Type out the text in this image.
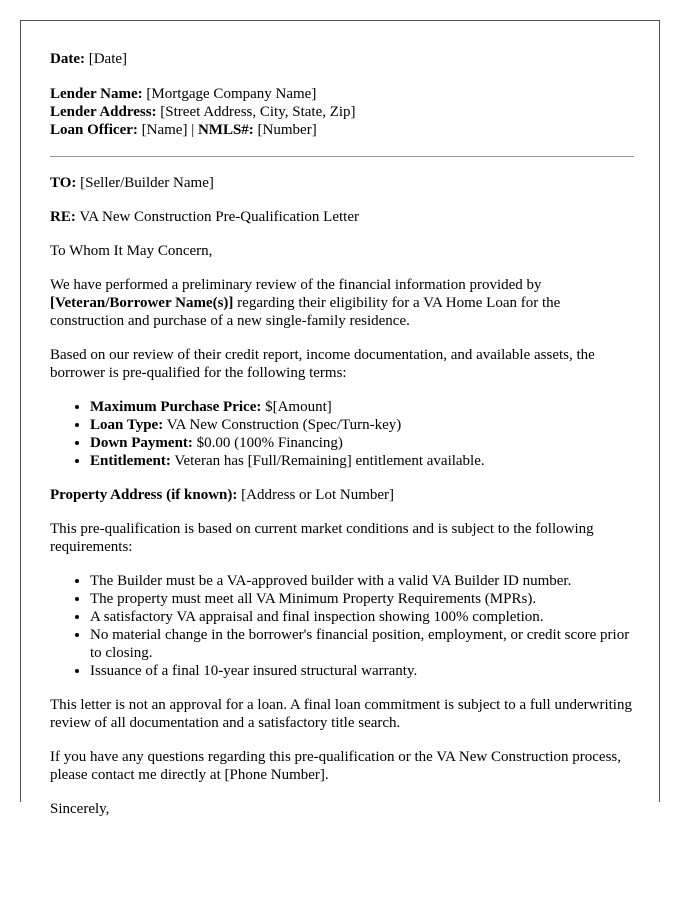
Date: [Date]

Lender Name: [Mortgage Company Name]
Lender Address: [Street Address, City, State, Zip]
Loan Officer: [Name] | NMLS#: [Number]

TO: [Seller/Builder Name]

RE: VA New Construction Pre-Qualification Letter

To Whom It May Concern,

We have performed a preliminary review of the financial information provided by [Veteran/Borrower Name(s)] regarding their eligibility for a VA Home Loan for the construction and purchase of a new single-family residence.

Based on our review of their credit report, income documentation, and available assets, the borrower is pre-qualified for the following terms:

• Maximum Purchase Price: $[Amount]
• Loan Type: VA New Construction (Spec/Turn-key)
• Down Payment: $0.00 (100% Financing)
• Entitlement: Veteran has [Full/Remaining] entitlement available.

Property Address (if known): [Address or Lot Number]

This pre-qualification is based on current market conditions and is subject to the following requirements:

• The Builder must be a VA-approved builder with a valid VA Builder ID number.
• The property must meet all VA Minimum Property Requirements (MPRs).
• A satisfactory VA appraisal and final inspection showing 100% completion.
• No material change in the borrower's financial position, employment, or credit score prior to closing.
• Issuance of a final 10-year insured structural warranty.

This letter is not an approval for a loan. A final loan commitment is subject to a full underwriting review of all documentation and a satisfactory title search.

If you have any questions regarding this pre-qualification or the VA New Construction process, please contact me directly at [Phone Number].

Sincerely,
